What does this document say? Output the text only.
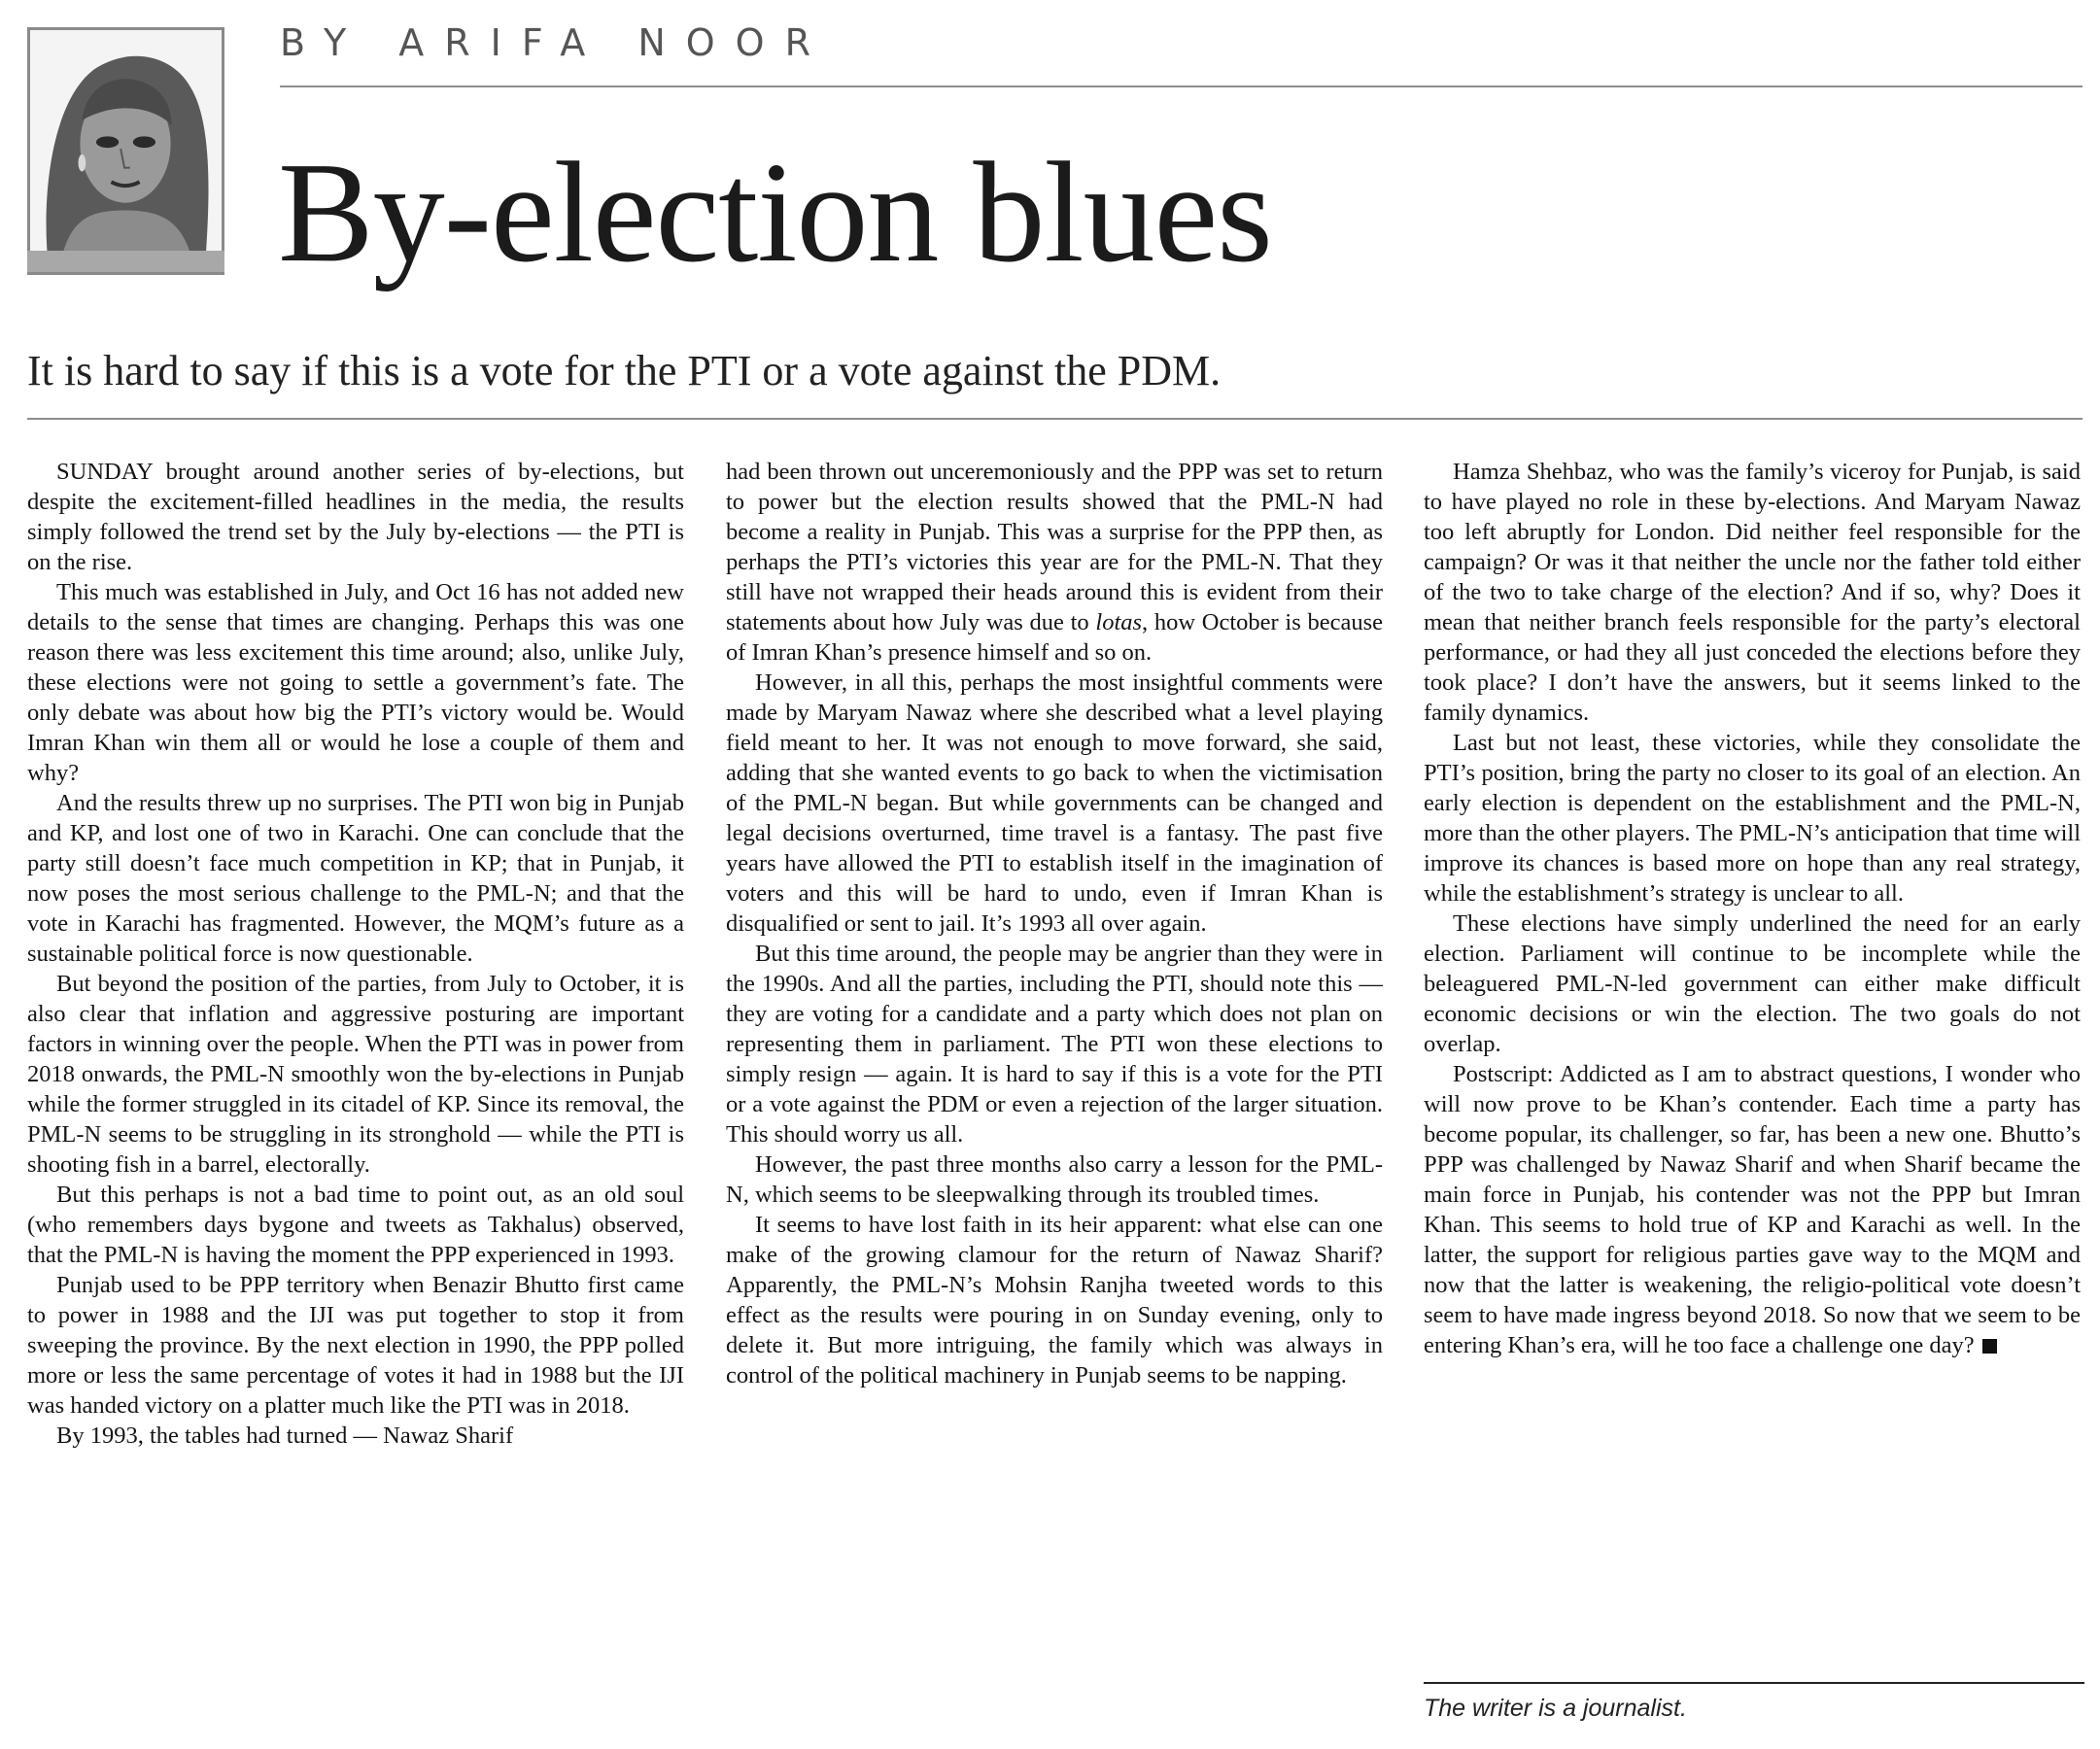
BY ARIFA NOOR
By-election blues
It is hard to say if this is a vote for the PTI or a vote against the PDM.

SUNDAY brought around another series of by-elections, but despite the excitement-filled headlines in the media, the results simply followed the trend set by the July by-elections — the PTI is on the rise.

This much was established in July, and Oct 16 has not added new details to the sense that times are changing. Perhaps this was one reason there was less excitement this time around; also, unlike July, these elections were not going to settle a government’s fate. The only debate was about how big the PTI’s victory would be. Would Imran Khan win them all or would he lose a couple of them and why?

And the results threw up no surprises. The PTI won big in Punjab and KP, and lost one of two in Karachi. One can conclude that the party still doesn’t face much competition in KP; that in Punjab, it now poses the most serious challenge to the PML-N; and that the vote in Karachi has fragmented. However, the MQM’s future as a sustainable political force is now questionable.

But beyond the position of the parties, from July to October, it is also clear that inflation and aggressive posturing are important factors in winning over the people. When the PTI was in power from 2018 onwards, the PML-N smoothly won the by-elections in Punjab while the former struggled in its citadel of KP. Since its removal, the PML-N seems to be struggling in its stronghold — while the PTI is shooting fish in a barrel, electorally.

But this perhaps is not a bad time to point out, as an old soul (who remembers days bygone and tweets as Takhalus) observed, that the PML-N is having the moment the PPP experienced in 1993.

Punjab used to be PPP territory when Benazir Bhutto first came to power in 1988 and the IJI was put together to stop it from sweeping the province. By the next election in 1990, the PPP polled more or less the same percentage of votes it had in 1988 but the IJI was handed victory on a platter much like the PTI was in 2018.

By 1993, the tables had turned — Nawaz Sharif

had been thrown out unceremoniously and the PPP was set to return to power but the election results showed that the PML-N had become a reality in Punjab. This was a surprise for the PPP then, as perhaps the PTI’s victories this year are for the PML-N. That they still have not wrapped their heads around this is evident from their statements about how July was due to lotas, how October is because of Imran Khan’s presence himself and so on.

However, in all this, perhaps the most insightful comments were made by Maryam Nawaz where she described what a level playing field meant to her. It was not enough to move forward, she said, adding that she wanted events to go back to when the victimisation of the PML-N began. But while governments can be changed and legal decisions overturned, time travel is a fantasy. The past five years have allowed the PTI to establish itself in the imagination of voters and this will be hard to undo, even if Imran Khan is disqualified or sent to jail. It’s 1993 all over again.

But this time around, the people may be angrier than they were in the 1990s. And all the parties, including the PTI, should note this — they are voting for a candidate and a party which does not plan on representing them in parliament. The PTI won these elections to simply resign — again. It is hard to say if this is a vote for the PTI or a vote against the PDM or even a rejection of the larger situation. This should worry us all.

However, the past three months also carry a lesson for the PML-N, which seems to be sleepwalking through its troubled times.

It seems to have lost faith in its heir apparent: what else can one make of the growing clamour for the return of Nawaz Sharif? Apparently, the PML-N’s Mohsin Ranjha tweeted words to this effect as the results were pouring in on Sunday evening, only to delete it. But more intriguing, the family which was always in control of the political machinery in Punjab seems to be napping.

Hamza Shehbaz, who was the family’s viceroy for Punjab, is said to have played no role in these by-elections. And Maryam Nawaz too left abruptly for London. Did neither feel responsible for the campaign? Or was it that neither the uncle nor the father told either of the two to take charge of the election? And if so, why? Does it mean that neither branch feels responsible for the party’s electoral performance, or had they all just conceded the elections before they took place? I don’t have the answers, but it seems linked to the family dynamics.

Last but not least, these victories, while they consolidate the PTI’s position, bring the party no closer to its goal of an election. An early election is dependent on the establishment and the PML-N, more than the other players. The PML-N’s anticipation that time will improve its chances is based more on hope than any real strategy, while the establishment’s strategy is unclear to all.

These elections have simply underlined the need for an early election. Parliament will continue to be incomplete while the beleaguered PML-N-led government can either make difficult economic decisions or win the election. The two goals do not overlap.

Postscript: Addicted as I am to abstract questions, I wonder who will now prove to be Khan’s contender. Each time a party has become popular, its challenger, so far, has been a new one. Bhutto’s PPP was challenged by Nawaz Sharif and when Sharif became the main force in Punjab, his contender was not the PPP but Imran Khan. This seems to hold true of KP and Karachi as well. In the latter, the support for religious parties gave way to the MQM and now that the latter is weakening, the religio-political vote doesn’t seem to have made ingress beyond 2018. So now that we seem to be entering Khan’s era, will he too face a challenge one day?

The writer is a journalist.
